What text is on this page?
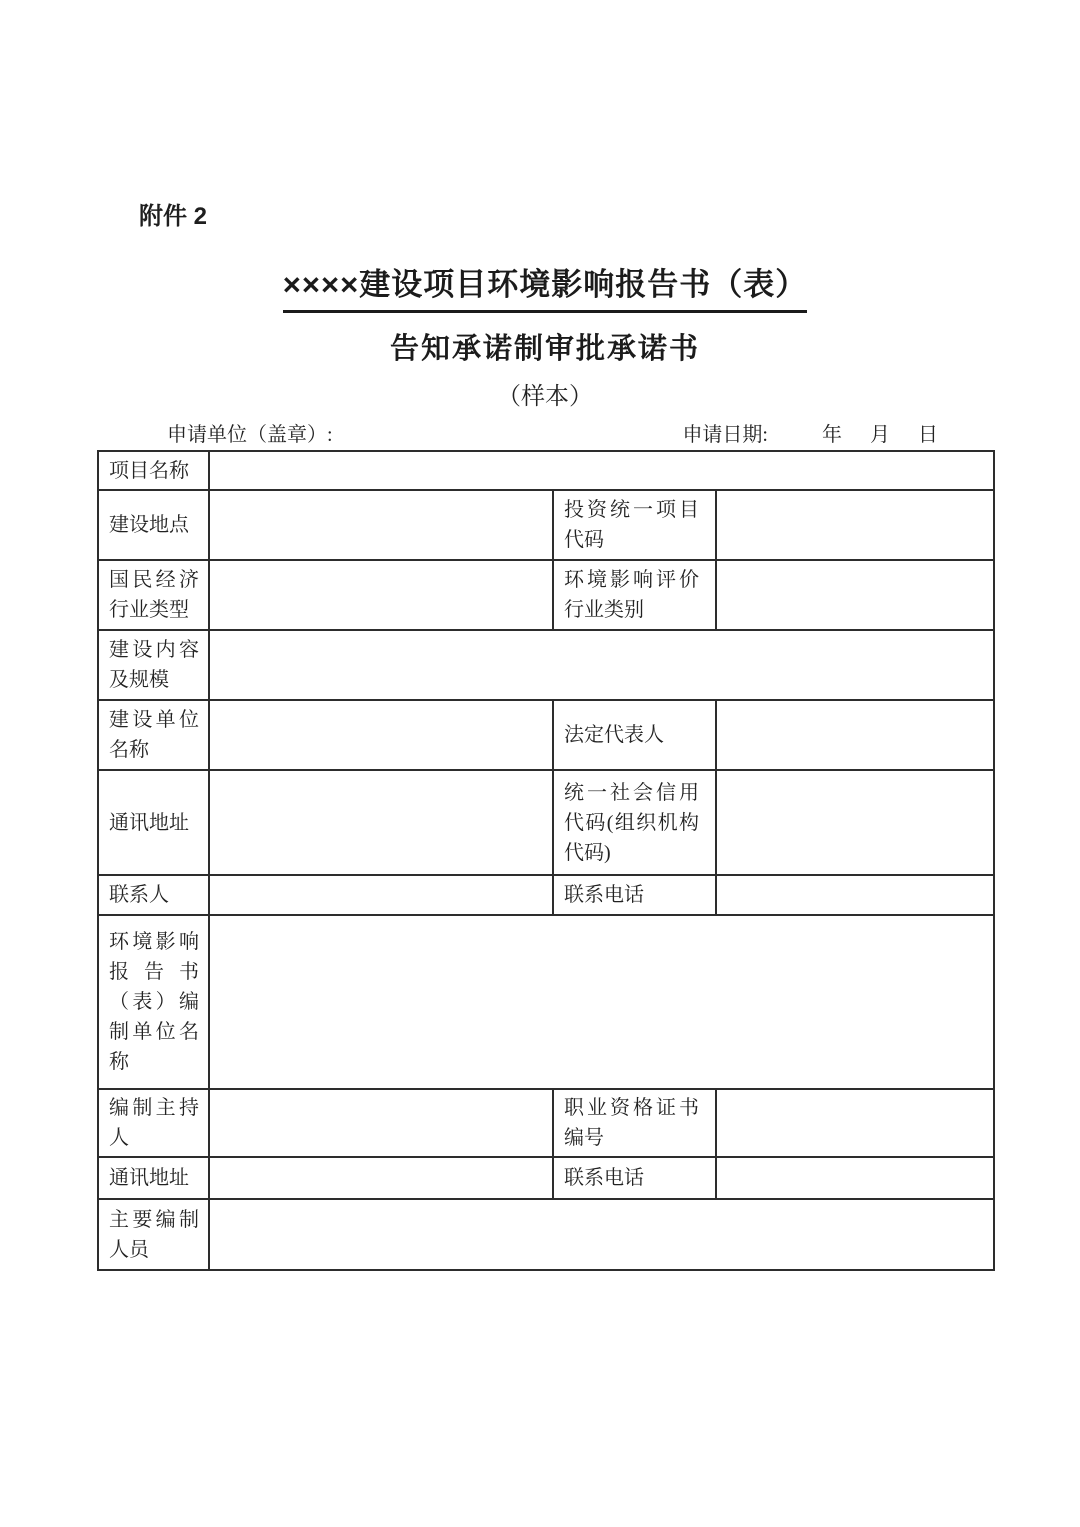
附件 2
××××建设项目环境影响报告书（表）
告知承诺制审批承诺书
（样本）
申请单位（盖章）:	申请日期:	年 月 日
项目名称			
建设地点		投资统一项目代码	
国民经济行业类型		环境影响评价行业类别	
建设内容及规模			
建设单位名称		法定代表人	
通讯地址		统一社会信用代码(组织机构代码)	
联系人		联系电话	
环境影响报告书（表）编制单位名称			
编制主持人		职业资格证书编号	
通讯地址		联系电话	
主要编制人员			
